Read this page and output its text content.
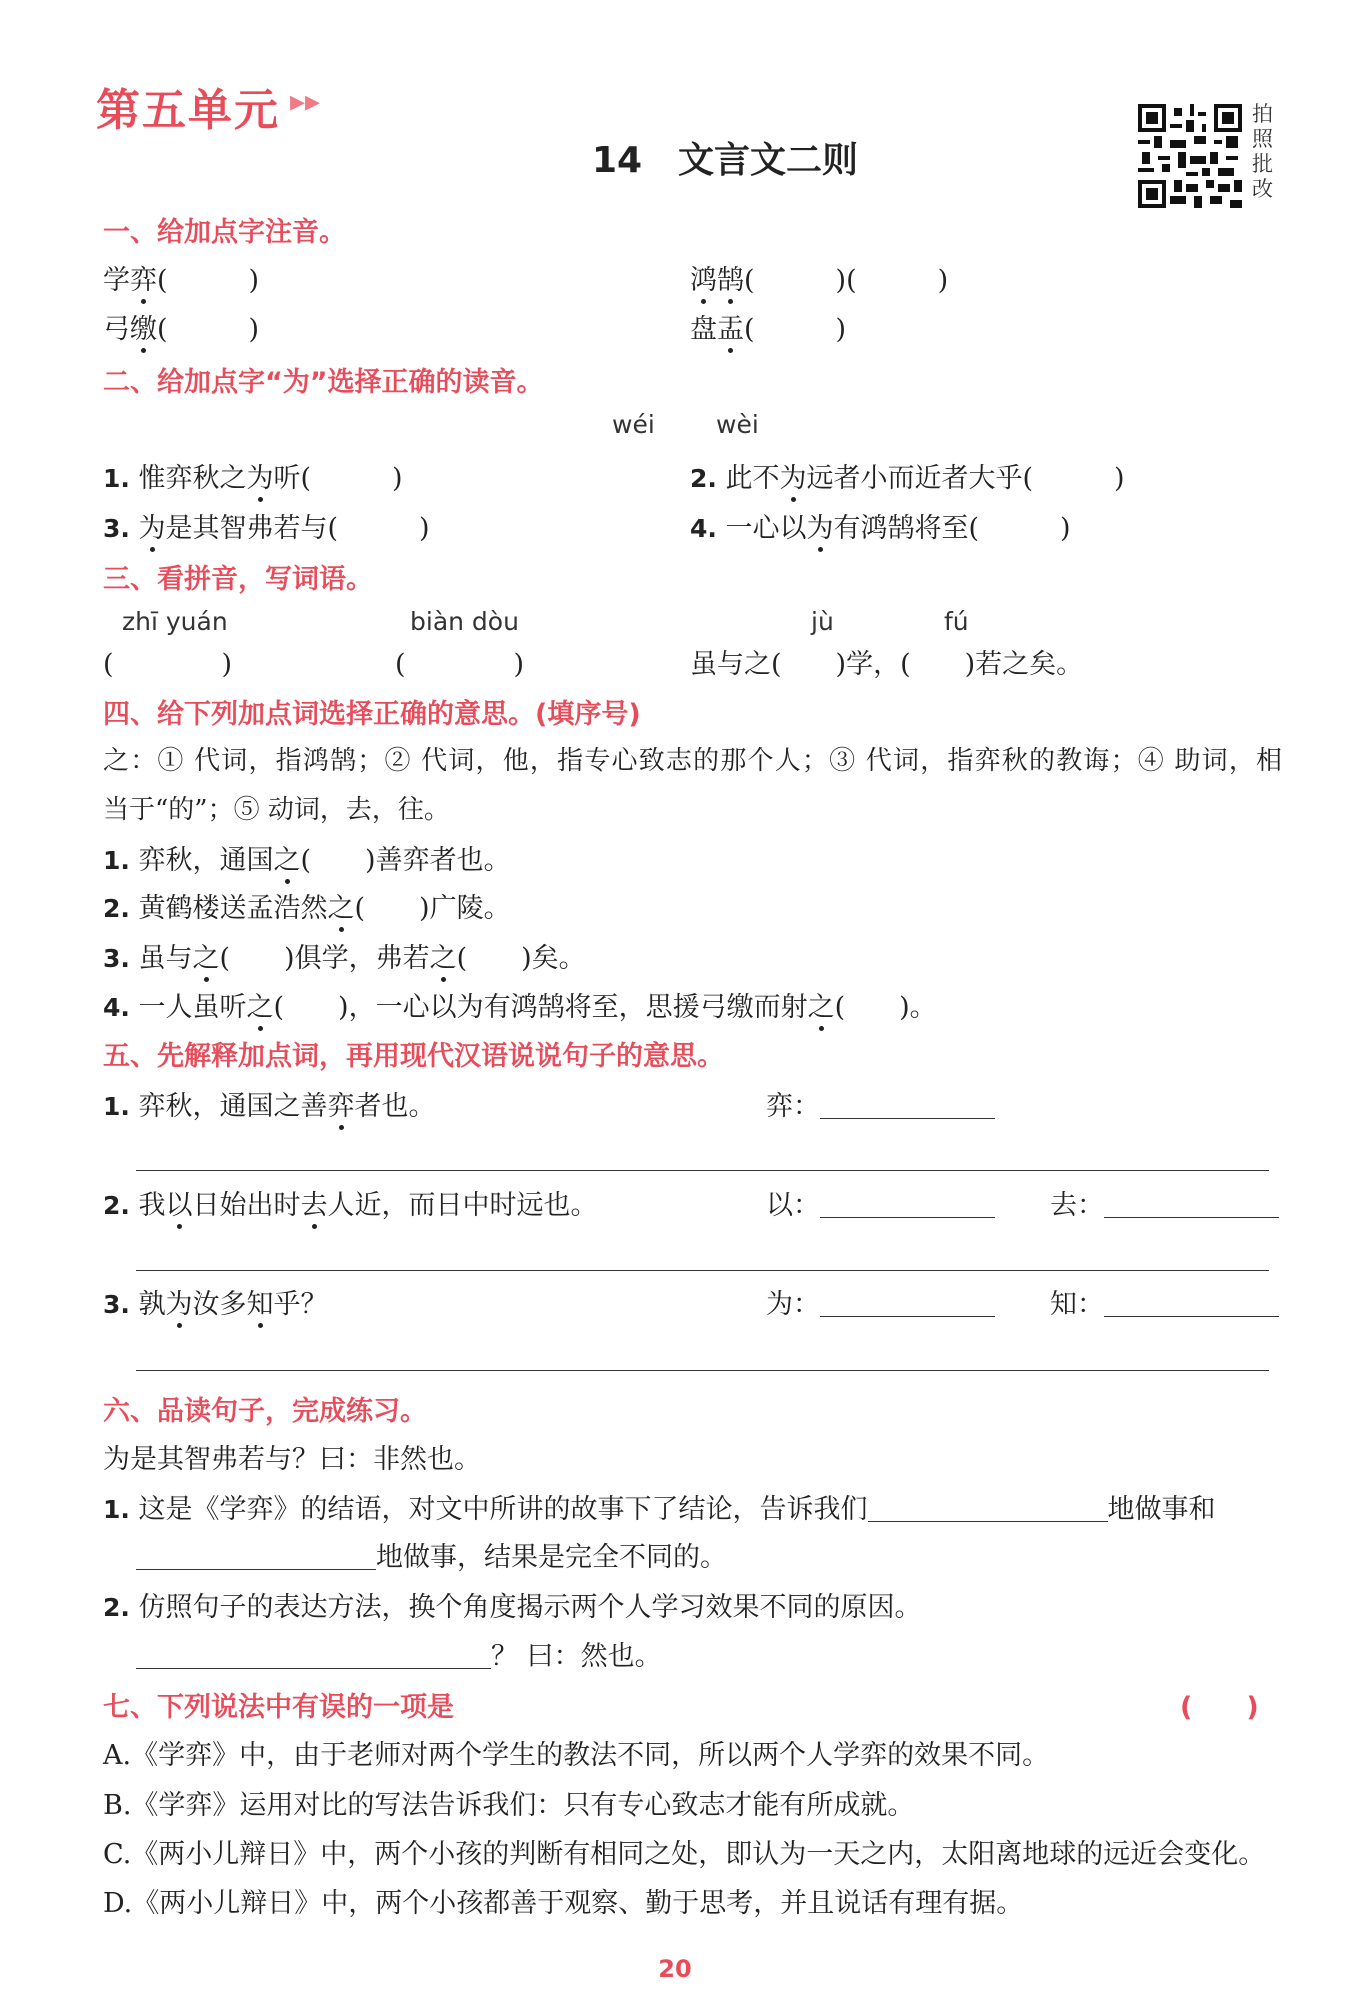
第五单元 ▸▸
14　文言文二则
拍照批改
一、给加点字注音。
学弈(　　　)	鸿鹄(　　　)(　　　)
弓缴(　　　)	盘盂(　　　)
二、给加点字“为”选择正确的读音。
wéi wèi
1. 惟弈秋之为听(　　　)	2. 此不为远者小而近者大乎(　　　)
3. 为是其智弗若与(　　　)	4. 一心以为有鸿鹄将至(　　　)
三、看拼音，写词语。
zhī yuán	biàn dòu	jù	fú
(　　　　)	(　　　　)	虽与之(　　)学，(　　)若之矣。
四、给下列加点词选择正确的意思。(填序号)
之：① 代词，指鸿鹄；② 代词，他，指专心致志的那个人；③ 代词，指弈秋的教诲；④ 助词，相
当于“的”；⑤ 动词，去，往。
1. 弈秋，通国之(　　)善弈者也。
2. 黄鹤楼送孟浩然之(　　)广陵。
3. 虽与之(　　)俱学，弗若之(　　)矣。
4. 一人虽听之(　　)，一心以为有鸿鹄将至，思援弓缴而射之(　　)。
五、先解释加点词，再用现代汉语说说句子的意思。
1. 弈秋，通国之善弈者也。	弈：
2. 我以日始出时去人近，而日中时远也。	以：	去：
3. 孰为汝多知乎？	为：	知：
六、品读句子，完成练习。
为是其智弗若与？曰：非然也。
1. 这是《学弈》的结语，对文中所讲的故事下了结论，告诉我们	地做事和
地做事，结果是完全不同的。
2. 仿照句子的表达方法，换个角度揭示两个人学习效果不同的原因。
？ 曰：然也。
七、下列说法中有误的一项是	(　　)
A.《学弈》中，由于老师对两个学生的教法不同，所以两个人学弈的效果不同。
B.《学弈》运用对比的写法告诉我们：只有专心致志才能有所成就。
C.《两小儿辩日》中，两个小孩的判断有相同之处，即认为一天之内，太阳离地球的远近会变化。
D.《两小儿辩日》中，两个小孩都善于观察、勤于思考，并且说话有理有据。
20
